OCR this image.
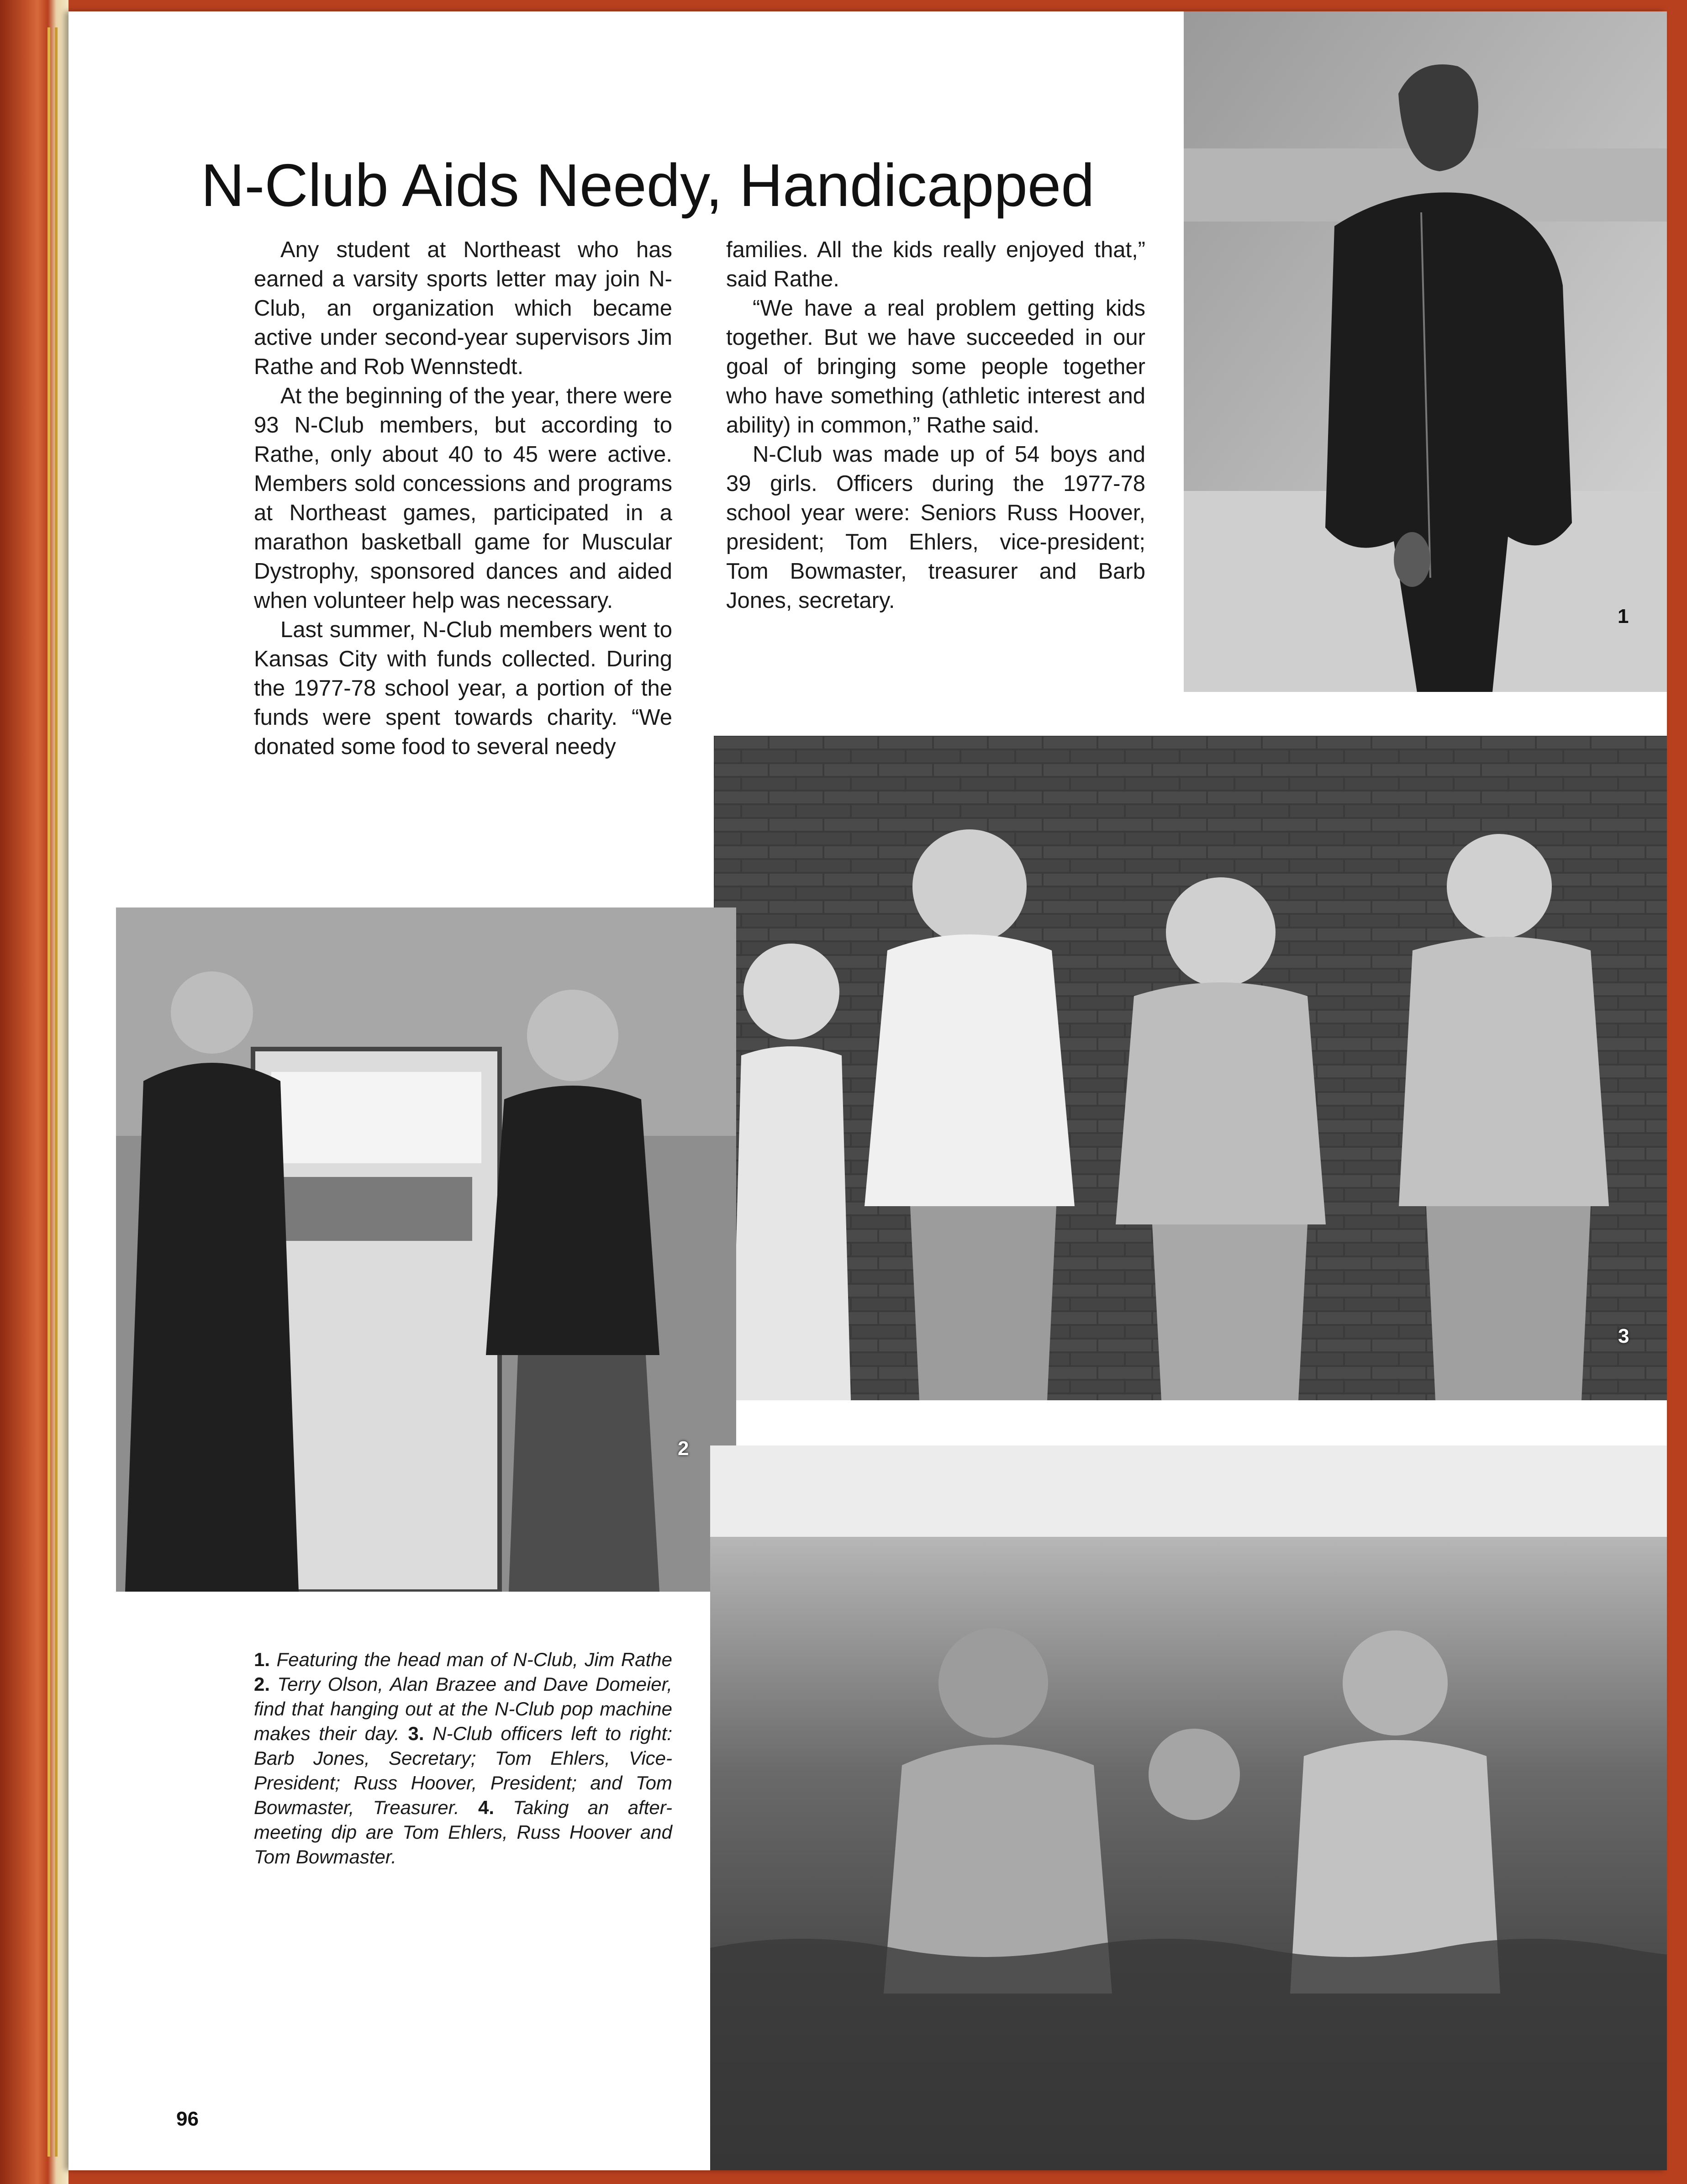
N-Club Aids Needy, Handicapped

Any student at Northeast who has earned a varsity sports letter may join N-Club, an organization which became active under second-year supervisors Jim Rathe and Rob Wennstedt.

At the beginning of the year, there were 93 N-Club members, but according to Rathe, only about 40 to 45 were active. Members sold concessions and programs at Northeast games, participated in a marathon basketball game for Muscular Dystrophy, sponsored dances and aided when volunteer help was necessary.

Last summer, N-Club members went to Kansas City with funds collected. During the 1977-78 school year, a portion of the funds were spent towards charity. “We donated some food to several needy

families. All the kids really enjoyed that,” said Rathe.

“We have a real problem getting kids together. But we have succeeded in our goal of bringing some people together who have something (athletic interest and ability) in common,” Rathe said.

N-Club was made up of 54 boys and 39 girls. Officers during the 1977-78 school year were: Seniors Russ Hoover, president; Tom Ehlers, vice-president; Tom Bowmaster, treasurer and Barb Jones, secretary.

1
3
2
1. Featuring the head man of N-Club, Jim Rathe 2. Terry Olson, Alan Brazee and Dave Domeier, find that hanging out at the N-Club pop machine makes their day. 3. N-Club officers left to right: Barb Jones, Secretary; Tom Ehlers, Vice-President; Russ Hoover, President; and Tom Bowmaster, Treasurer. 4. Taking an after-meeting dip are Tom Ehlers, Russ Hoover and Tom Bowmaster.
96
